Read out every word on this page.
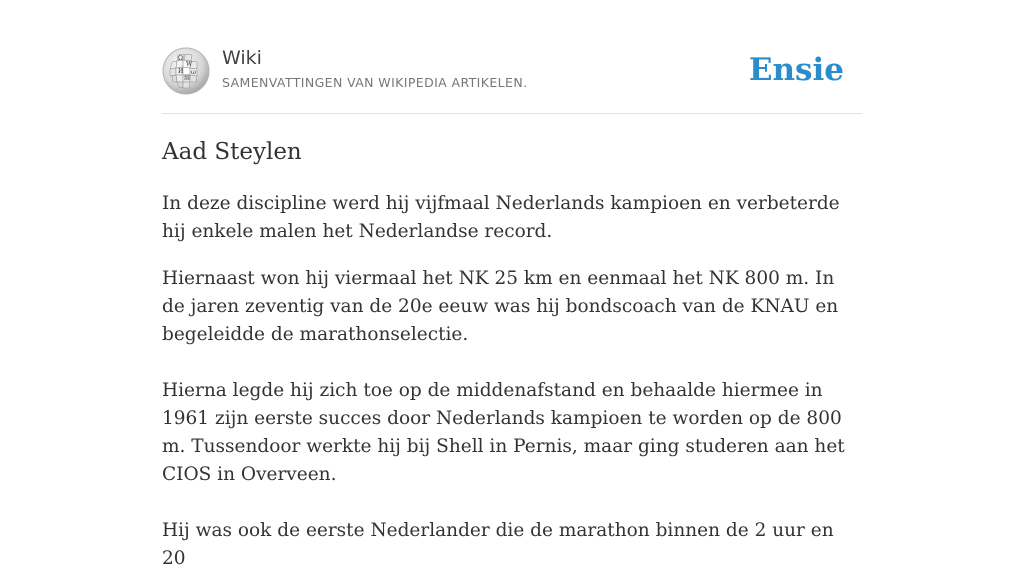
Ω
W
И ω
維
Wiki
SAMENVATTINGEN VAN WIKIPEDIA ARTIKELEN.	Ensie
Aad Steylen

In deze discipline werd hij vijfmaal Nederlands kampioen en verbeterde hij enkele malen het Nederlandse record.

Hiernaast won hij viermaal het NK 25 km en eenmaal het NK 800 m. In de jaren zeventig van de 20e eeuw was hij bondscoach van de KNAU en begeleidde de marathonselectie.

Hierna legde hij zich toe op de middenafstand en behaalde hiermee in 1961 zijn eerste succes door Nederlands kampioen te worden op de 800 m. Tussendoor werkte hij bij Shell in Pernis, maar ging studeren aan het CIOS in Overveen.

Hij was ook de eerste Nederlander die de marathon binnen de 2 uur en 20
